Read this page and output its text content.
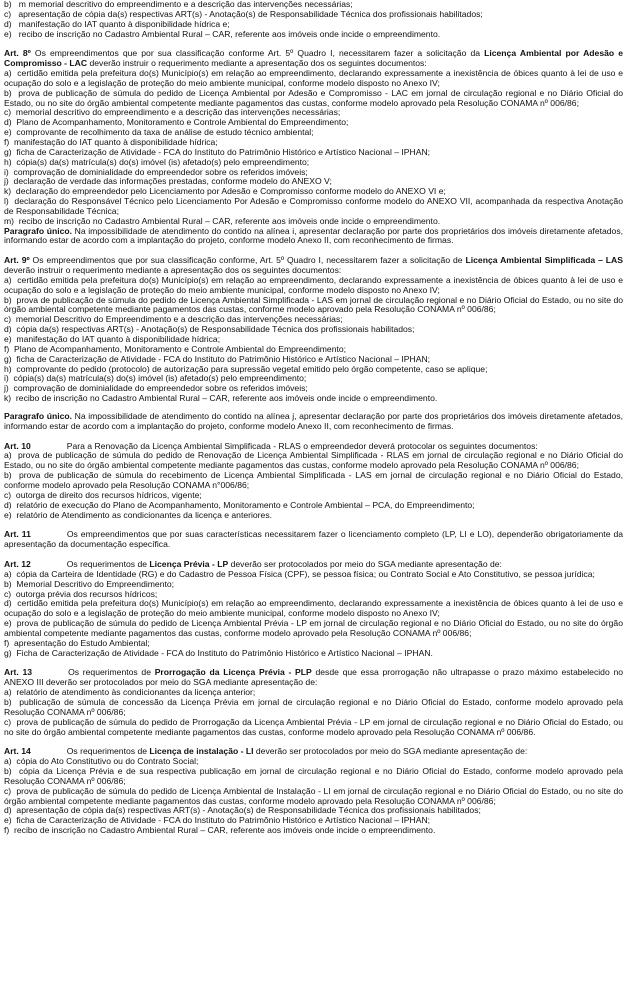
b)   m memorial descritivo do empreendimento e a descrição das intervenções necessárias;

c)   apresentação de cópia da(s) respectivas ART(s) - Anotação(s) de Responsabilidade Técnica dos profissionais habilitados;

d)   manifestação do IAT quanto à disponibilidade hídrica e;

e)   recibo de inscrição no Cadastro Ambiental Rural – CAR, referente aos imóveis onde incide o empreendimento.

Art. 8º Os empreendimentos que por sua classificação conforme Art. 5º Quadro I, necessitarem fazer a solicitação da Licença Ambiental por Adesão e Compromisso - LAC deverão instruir o requerimento mediante a apresentação dos os seguintes documentos:

a)  certidão emitida pela prefeitura do(s) Município(s) em relação ao empreendimento, declarando expressamente a inexistência de óbices quanto à lei de uso e ocupação do solo e a legislação de proteção do meio ambiente municipal, conforme modelo disposto no Anexo IV;

b)  prova de publicação de súmula do pedido de Licença Ambiental por Adesão e Compromisso - LAC em jornal de circulação regional e no Diário Oficial do Estado, ou no site do órgão ambiental competente mediante pagamentos das custas, conforme modelo aprovado pela Resolução CONAMA nº 006/86;

c)  memorial descritivo do empreendimento e a descrição das intervenções necessárias;

d)  Plano de Acompanhamento, Monitoramento e Controle Ambiental do Empreendimento;

e)  comprovante de recolhimento da taxa de análise de estudo técnico ambiental;

f)  manifestação do IAT quanto à disponibilidade hídrica;

g)  ficha de Caracterização de Atividade - FCA do Instituto do Patrimônio Histórico e Artístico Nacional – IPHAN;

h)  cópia(s) da(s) matrícula(s) do(s) imóvel (is) afetado(s) pelo empreendimento;

i)  comprovação de dominialidade do empreendedor sobre os referidos imóveis;

j)  declaração de verdade das informações prestadas, conforme modelo do ANEXO V;

k)  declaração do empreendedor pelo Licenciamento por Adesão e Compromisso conforme modelo do ANEXO VI e;

l)  declaração do Responsável Técnico pelo Licenciamento Por Adesão e Compromisso conforme modelo do ANEXO VII, acompanhada da respectiva Anotação de Responsabilidade Técnica;

m)  recibo de inscrição no Cadastro Ambiental Rural – CAR, referente aos imóveis onde incide o empreendimento.

Paragrafo único. Na impossibilidade de atendimento do contido na alínea i, apresentar declaração por parte dos proprietários dos imóveis diretamente afetados, informando estar de acordo com a implantação do projeto, conforme modelo Anexo II, com reconhecimento de firmas.

Art. 9º Os empreendimentos que por sua classificação conforme, Art. 5º Quadro I, necessitarem fazer a solicitação de Licença Ambiental Simplificada – LAS deverão instruir o requerimento mediante a apresentação dos os seguintes documentos:

a)  certidão emitida pela prefeitura do(s) Município(s) em relação ao empreendimento, declarando expressamente a inexistência de óbices quanto à lei de uso e ocupação do solo e a legislação de proteção do meio ambiente municipal, conforme modelo disposto no Anexo IV;

b)  prova de publicação de súmula do pedido de Licença Ambiental Simplificada - LAS em jornal de circulação regional e no Diário Oficial do Estado, ou no site do órgão ambiental competente mediante pagamentos das custas, conforme modelo aprovado pela Resolução CONAMA nº 006/86;

c)  memorial Descritivo do Empreendimento e a descrição das intervenções necessárias;

d)  cópia da(s) respectivas ART(s) - Anotação(s) de Responsabilidade Técnica dos profissionais habilitados;

e)  manifestação do IAT quanto à disponibilidade hídrica;

f)  Plano de Acompanhamento, Monitoramento e Controle Ambiental do Empreendimento;

g)  ficha de Caracterização de Atividade - FCA do Instituto do Patrimônio Histórico e Artístico Nacional – IPHAN;

h)  comprovante do pedido (protocolo) de autorização para supressão vegetal emitido pelo órgão competente, caso se aplique;

i)  cópia(s) da(s) matrícula(s) do(s) imóvel (is) afetado(s) pelo empreendimento;

j)  comprovação de dominialidade do empreendedor sobre os referidos imóveis;

k)  recibo de inscrição no Cadastro Ambiental Rural – CAR, referente aos imóveis onde incide o empreendimento.

Paragrafo único. Na impossibilidade de atendimento do contido na alínea j, apresentar declaração por parte dos proprietários dos imóveis diretamente afetados, informando estar de acordo com a implantação do projeto, conforme modelo Anexo II, com reconhecimento de firmas.

Art. 10	Para a Renovação da Licença Ambiental Simplificada - RLAS o empreendedor deverá protocolar os seguintes documentos:

a)  prova de publicação de súmula do pedido de Renovação de Licença Ambiental Simplificada - RLAS em jornal de circulação regional e no Diário Oficial do Estado, ou no site do órgão ambiental competente mediante pagamentos das custas, conforme modelo aprovado pela Resolução CONAMA nº 006/86;

b)  prova de publicação de súmula do recebimento de Licença Ambiental Simplificada - LAS em jornal de circulação regional e no Diário Oficial do Estado, conforme modelo aprovado pela Resolução CONAMA n°006/86;

c)  outorga de direito dos recursos hídricos, vigente;

d)  relatório de execução do Plano de Acompanhamento, Monitoramento e Controle Ambiental – PCA, do Empreendimento;

e)  relatório de Atendimento as condicionantes da licença e anteriores.

Art. 11	Os empreendimentos que por suas características necessitarem fazer o licenciamento completo (LP, LI e LO), dependerão obrigatoriamente da apresentação da documentação específica.

Art. 12	Os requerimentos de Licença Prévia - LP deverão ser protocolados por meio do SGA mediante apresentação de:

a)  cópia da Carteira de Identidade (RG) e do Cadastro de Pessoa Física (CPF), se pessoa física; ou Contrato Social e Ato Constitutivo, se pessoa jurídica;

b)  Memorial Descritivo do Empreendimento;

c)  outorga prévia dos recursos hídricos;

d)  certidão emitida pela prefeitura do(s) Município(s) em relação ao empreendimento, declarando expressamente a inexistência de óbices quanto à lei de uso e ocupação do solo e a legislação de proteção do meio ambiente municipal, conforme modelo disposto no Anexo IV;

e)  prova de publicação de súmula do pedido de Licença Ambiental Prévia - LP em jornal de circulação regional e no Diário Oficial do Estado, ou no site do órgão ambiental competente mediante pagamentos das custas, conforme modelo aprovado pela Resolução CONAMA nº 006/86;

f)  apresentação do Estudo Ambiental;

g)  Ficha de Caracterização de Atividade - FCA do Instituto do Patrimônio Histórico e Artístico Nacional – IPHAN.

Art. 13	Os requerimentos de Prorrogação da Licença Prévia - PLP desde que essa prorrogação não ultrapasse o prazo máximo estabelecido no ANEXO III deverão ser protocolados por meio do SGA mediante apresentação de:

a)  relatório de atendimento às condicionantes da licença anterior;

b)  publicação de súmula de concessão da Licença Prévia em jornal de circulação regional e no Diário Oficial do Estado, conforme modelo aprovado pela Resolução CONAMA nº 006/86;

c)  prova de publicação de súmula do pedido de Prorrogação da Licença Ambiental Prévia - LP em jornal de circulação regional e no Diário Oficial do Estado, ou no site do órgão ambiental competente mediante pagamentos das custas, conforme modelo aprovado pela Resolução CONAMA nº 006/86.

Art. 14	Os requerimentos de Licença de instalação - LI deverão ser protocolados por meio do SGA mediante apresentação de:

a)  cópia do Ato Constitutivo ou do Contrato Social;

b)  cópia da Licença Prévia e de sua respectiva publicação em jornal de circulação regional e no Diário Oficial do Estado, conforme modelo aprovado pela Resolução CONAMA nº 006/86;

c)  prova de publicação de súmula do pedido de Licença Ambiental de Instalação - LI em jornal de circulação regional e no Diário Oficial do Estado, ou no site do órgão ambiental competente mediante pagamentos das custas, conforme modelo aprovado pela Resolução CONAMA nº 006/86;

d)  apresentação de cópia da(s) respectivas ART(s) - Anotação(s) de Responsabilidade Técnica dos profissionais habilitados;

e)  ficha de Caracterização de Atividade - FCA do Instituto do Patrimônio Histórico e Artístico Nacional – IPHAN;

f)  recibo de inscrição no Cadastro Ambiental Rural – CAR, referente aos imóveis onde incide o empreendimento.
